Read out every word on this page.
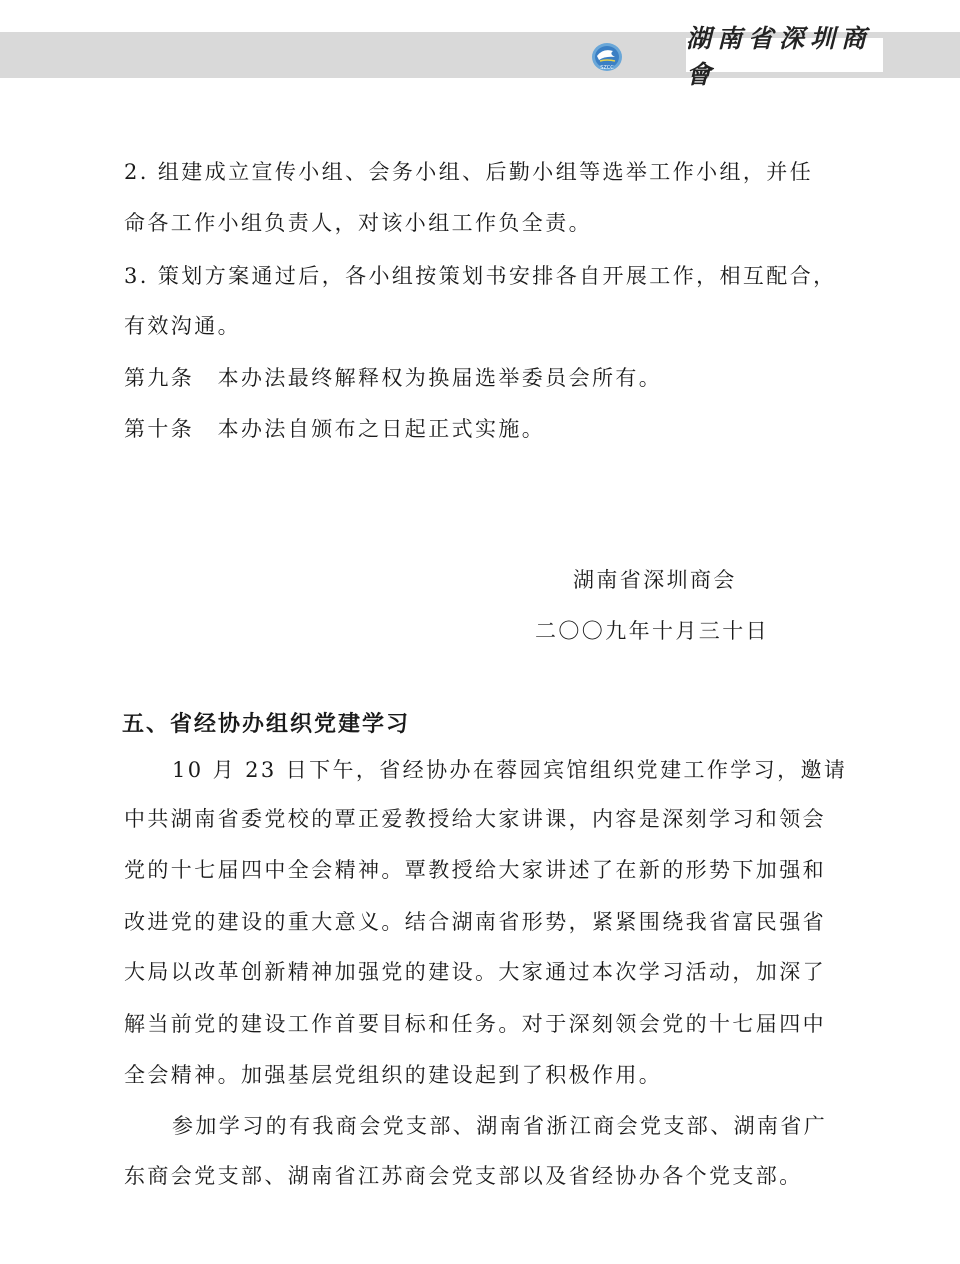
SZCC
湖南省深圳商會
2. 组建成立宣传小组、会务小组、后勤小组等选举工作小组，并任
命各工作小组负责人，对该小组工作负全责。
3. 策划方案通过后，各小组按策划书安排各自开展工作，相互配合，
有效沟通。
第九条　本办法最终解释权为换届选举委员会所有。
第十条　本办法自颁布之日起正式实施。
湖南省深圳商会
二〇〇九年十月三十日
五、省经协办组织党建学习
10 月 23 日下午，省经协办在蓉园宾馆组织党建工作学习，邀请
中共湖南省委党校的覃正爱教授给大家讲课，内容是深刻学习和领会
党的十七届四中全会精神。覃教授给大家讲述了在新的形势下加强和
改进党的建设的重大意义。结合湖南省形势，紧紧围绕我省富民强省
大局以改革创新精神加强党的建设。大家通过本次学习活动，加深了
解当前党的建设工作首要目标和任务。对于深刻领会党的十七届四中
全会精神。加强基层党组织的建设起到了积极作用。
参加学习的有我商会党支部、湖南省浙江商会党支部、湖南省广
东商会党支部、湖南省江苏商会党支部以及省经协办各个党支部。
